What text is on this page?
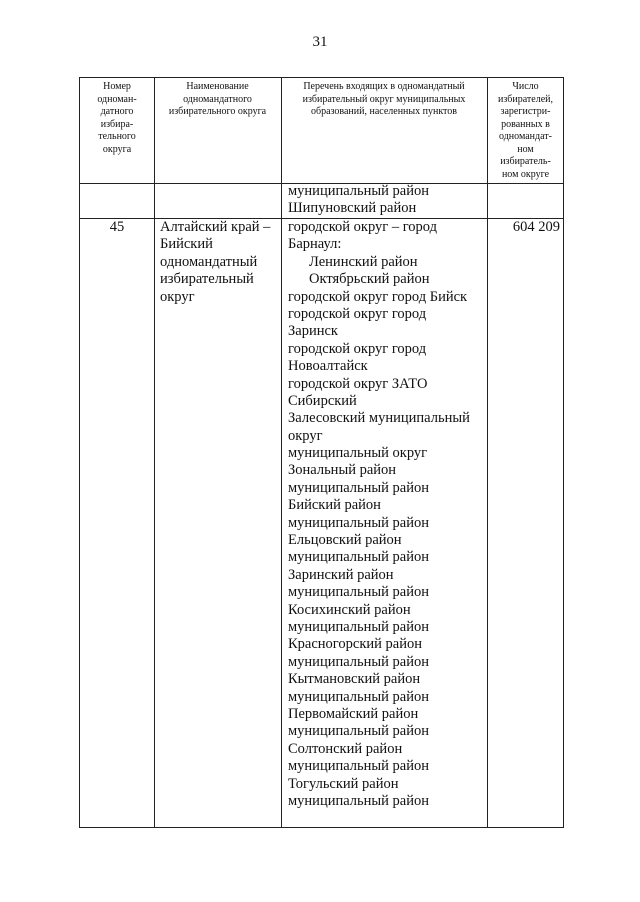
31
Номер
одноман-
датного
избира-
тельного
округа
Наименование
одномандатного
избирательного округа
Перечень входящих в одномандатный
избирательный округ муниципальных
образований, населенных пунктов
Число
избирателей,
зарегистри-
рованных в
одномандат-
ном
избиратель-
ном округе
муниципальный район
Шипуновский район
45	Алтайский край –
Бийский
одномандатный
избирательный
округ
городской округ – город
Барнаул:
Ленинский район
Октябрьский район
городской округ город Бийск
городской округ город
Заринск
городской округ город
Новоалтайск
городской округ ЗАТО
Сибирский
Залесовский муниципальный
округ
муниципальный округ
Зональный район
муниципальный район
Бийский район
муниципальный район
Ельцовский район
муниципальный район
Заринский район
муниципальный район
Косихинский район
муниципальный район
Красногорский район
муниципальный район
Кытмановский район
муниципальный район
Первомайский район
муниципальный район
Солтонский район
муниципальный район
Тогульский район
муниципальный район
604 209
